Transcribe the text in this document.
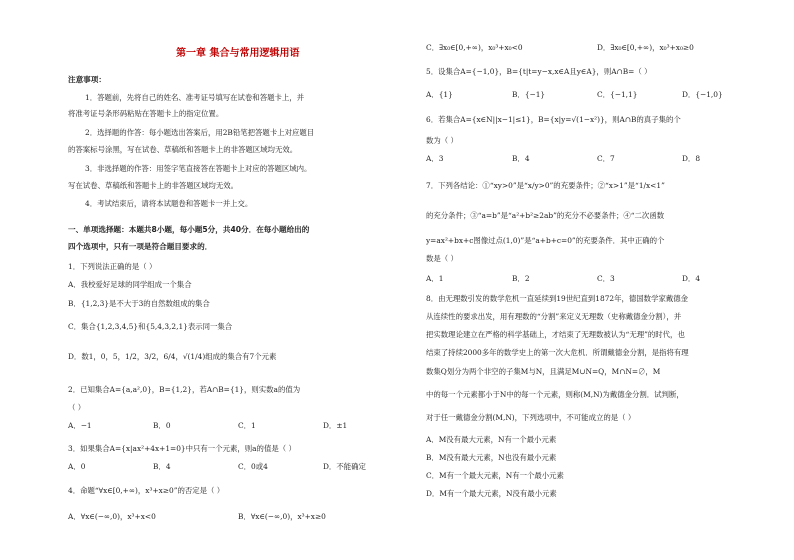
第一章 集合与常用逻辑用语
注意事项：
1．答题前，先将自己的姓名、准考证号填写在试卷和答题卡上，并
将准考证号条形码粘贴在答题卡上的指定位置。
2．选择题的作答：每小题选出答案后，用2B铅笔把答题卡上对应题目
的答案标号涂黑，写在试卷、草稿纸和答题卡上的非答题区域均无效。
3．非选择题的作答：用签字笔直接答在答题卡上对应的答题区域内。
写在试卷、草稿纸和答题卡上的非答题区域均无效。
4．考试结束后，请将本试题卷和答题卡一并上交。
一、单项选择题：本题共8小题，每小题5分，共40分．在每小题给出的
四个选项中，只有一项是符合题目要求的．
1．下列说法正确的是（ ）
A．我校爱好足球的同学组成一个集合
B．{1,2,3}是不大于3的自然数组成的集合
C．集合{1,2,3,4,5}和{5,4,3,2,1}表示同一集合
D．数1，0，5，1/2，3/2，6/4，√(1/4)组成的集合有7个元素
2．已知集合A={a,a²,0}，B={1,2}，若A∩B={1}，则实数a的值为
（ ）
A．−1	B．0	C．1	D．±1
3．如果集合A={x|ax²+4x+1=0}中只有一个元素，则a的值是（ ）
A．0	B．4	C．0或4	D．不能确定
4．命题“∀x∈[0,+∞)，x³+x≥0”的否定是（ ）
A．∀x∈(−∞,0)，x³+x<0	B．∀x∈(−∞,0)，x³+x≥0
C．∃x₀∈[0,+∞)，x₀³+x₀<0	D．∃x₀∈[0,+∞)，x₀³+x₀≥0
5．设集合A={−1,0}，B={t|t=y−x,x∈A且y∈A}，则A∩B=（ ）
A．{1}	B．{−1}	C．{−1,1}	D．{−1,0}
6．若集合A={x∈N||x−1|≤1}，B={x|y=√(1−x²)}，则A∩B的真子集的个
数为（ ）
A．3	B．4	C．7	D．8
7．下列各结论：①“xy>0”是“x/y>0”的充要条件；②“x>1”是“1/x<1”
的充分条件；③“a=b”是“a²+b²≥2ab”的充分不必要条件；④“二次函数
y=ax²+bx+c图像过点(1,0)”是“a+b+c=0”的充要条件．其中正确的个
数是（ ）
A．1	B．2	C．3	D．4
8．由无理数引发的数学危机一直延续到19世纪直到1872年，德国数学家戴德金
从连续性的要求出发，用有理数的“分割”来定义无理数（史称戴德金分割），并
把实数理论建立在严格的科学基础上，才结束了无理数被认为“无理”的时代，也
结束了持续2000多年的数学史上的第一次大危机．所谓戴德金分割，是指将有理
数集Q划分为两个非空的子集M与N，且满足M∪N=Q，M∩N=∅，M
中的每一个元素都小于N中的每一个元素，则称(M,N)为戴德金分割．试判断，
对于任一戴德金分割(M,N)，下列选项中，不可能成立的是（ ）
A．M没有最大元素，N有一个最小元素
B．M没有最大元素，N也没有最小元素
C．M有一个最大元素，N有一个最小元素
D．M有一个最大元素，N没有最小元素
